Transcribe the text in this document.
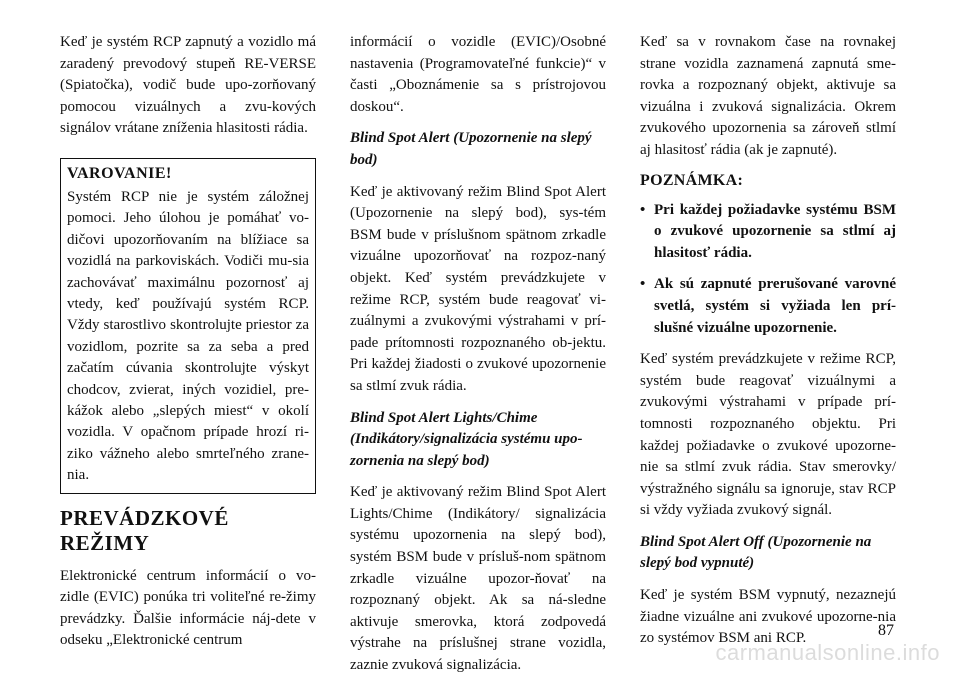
Keď je systém RCP zapnutý a vozidlo má zaradený prevodový stupeň RE-VERSE (Spiatočka), vodič bude upo-zorňovaný pomocou vizuálnych a zvu-kových signálov vrátane zníženia hlasitosti rádia.

VAROVANIE!

Systém RCP nie je systém záložnej pomoci. Jeho úlohou je pomáhať vo-dičovi upozorňovaním na blížiace sa vozidlá na parkoviskách. Vodiči mu-sia zachovávať maximálnu pozornosť aj vtedy, keď používajú systém RCP. Vždy starostlivo skontrolujte priestor za vozidlom, pozrite sa za seba a pred začatím cúvania skontrolujte výskyt chodcov, zvierat, iných vozidiel, pre-kážok alebo „slepých miest“ v okolí vozidla. V opačnom prípade hrozí ri-ziko vážneho alebo smrteľného zrane-nia.

PREVÁDZKOVÉ REŽIMY

Elektronické centrum informácií o vo-zidle (EVIC) ponúka tri voliteľné re-žimy prevádzky. Ďalšie informácie náj-dete v odseku „Elektronické centrum

informácií o vozidle (EVIC)/Osobné nastavenia (Programovateľné funkcie)“ v časti „Oboznámenie sa s prístrojovou doskou“.

Blind Spot Alert (Upozornenie na slepý bod)

Keď je aktivovaný režim Blind Spot Alert (Upozornenie na slepý bod), sys-tém BSM bude v príslušnom spätnom zrkadle vizuálne upozorňovať na rozpoz-naný objekt. Keď systém prevádzkujete v režime RCP, systém bude reagovať vi-zuálnymi a zvukovými výstrahami v prí-pade prítomnosti rozpoznaného ob-jektu. Pri každej žiadosti o zvukové upozornenie sa stlmí zvuk rádia.

Blind Spot Alert Lights/Chime (Indikátory/signalizácia systému upo-zornenia na slepý bod)

Keď je aktivovaný režim Blind Spot Alert Lights/Chime (Indikátory/ signalizácia systému upozornenia na slepý bod), systém BSM bude v prísluš-nom spätnom zrkadle vizuálne upozor-ňovať na rozpoznaný objekt. Ak sa ná-sledne aktivuje smerovka, ktorá zodpovedá výstrahe na príslušnej strane vozidla, zaznie zvuková signalizácia.

Keď sa v rovnakom čase na rovnakej strane vozidla zaznamená zapnutá sme-rovka a rozpoznaný objekt, aktivuje sa vizuálna i zvuková signalizácia. Okrem zvukového upozornenia sa zároveň stlmí aj hlasitosť rádia (ak je zapnuté).

POZNÁMKA:
• Pri každej požiadavke systému BSM o zvukové upozornenie sa stlmí aj hlasitosť rádia.
• Ak sú zapnuté prerušované varovné svetlá, systém si vyžiada len prí-slušné vizuálne upozornenie.

Keď systém prevádzkujete v režime RCP, systém bude reagovať vizuálnymi a zvukovými výstrahami v prípade prí-tomnosti rozpoznaného objektu. Pri každej požiadavke o zvukové upozorne-nie sa stlmí zvuk rádia. Stav smerovky/ výstražného signálu sa ignoruje, stav RCP si vždy vyžiada zvukový signál.

Blind Spot Alert Off (Upozornenie na slepý bod vypnuté)

Keď je systém BSM vypnutý, nezaznejú žiadne vizuálne ani zvukové upozorne-nia zo systémov BSM ani RCP.	87
carmanualsonline.info
